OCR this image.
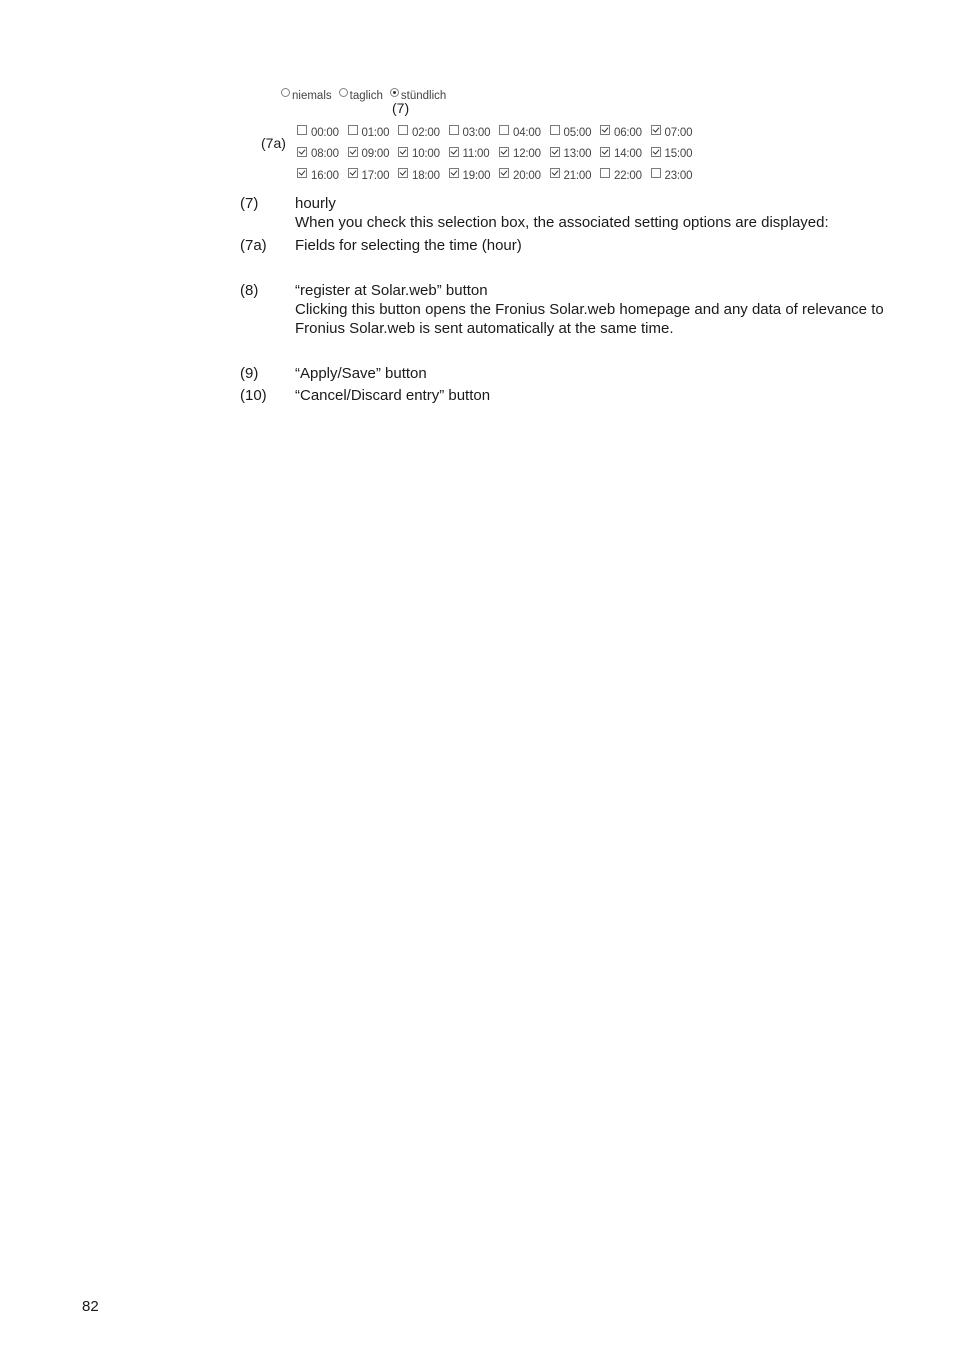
niemals taglich stündlich
(7)
(7a)
00:00 01:00 02:00 03:00 04:00 05:00 06:00 07:00
08:00 09:00 10:00 11:00 12:00 13:00 14:00 15:00
16:00 17:00 18:00 19:00 20:00 21:00 22:00 23:00
(7)	hourly
When you check this selection box, the associated setting options are displayed:
(7a)	Fields for selecting the time (hour)
(8)	“register at Solar.web” button
Clicking this button opens the Fronius Solar.web homepage and any data of relevance to Fronius Solar.web is sent automatically at the same time.
(9)	“Apply/Save” button
(10)	“Cancel/Discard entry” button
82
